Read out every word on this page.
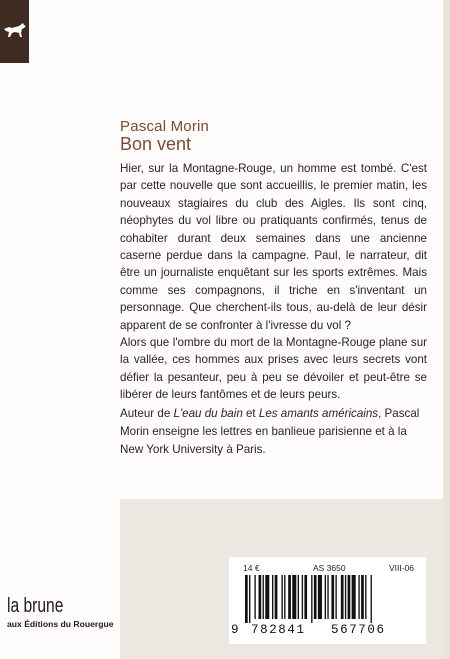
Pascal Morin
Bon vent

Hier, sur la Montagne-Rouge, un homme est tombé. C'est par cette nouvelle que sont accueillis, le premier matin, les nouveaux stagiaires du club des Aigles. Ils sont cinq, néophytes du vol libre ou pratiquants confirmés, tenus de cohabiter durant deux semaines dans une ancienne caserne perdue dans la campagne. Paul, le narrateur, dit être un journaliste enquêtant sur les sports extrêmes. Mais comme ses compagnons, il triche en s'inventant un personnage. Que cherchent-ils tous, au-delà de leur désir apparent de se confronter à l'ivresse du vol ?

Alors que l'ombre du mort de la Montagne-Rouge plane sur la vallée, ces hommes aux prises avec leurs secrets vont défier la pesanteur, peu à peu se dévoiler et peut-être se libérer de leurs fantômes et de leurs peurs.

Auteur de L'eau du bain et Les amants américains, Pascal Morin enseigne les lettres en banlieue parisienne et à la New York University à Paris.

14 €	AS 3650	VIII-06
9 782841 567706
la brune
aux Éditions du Rouergue
